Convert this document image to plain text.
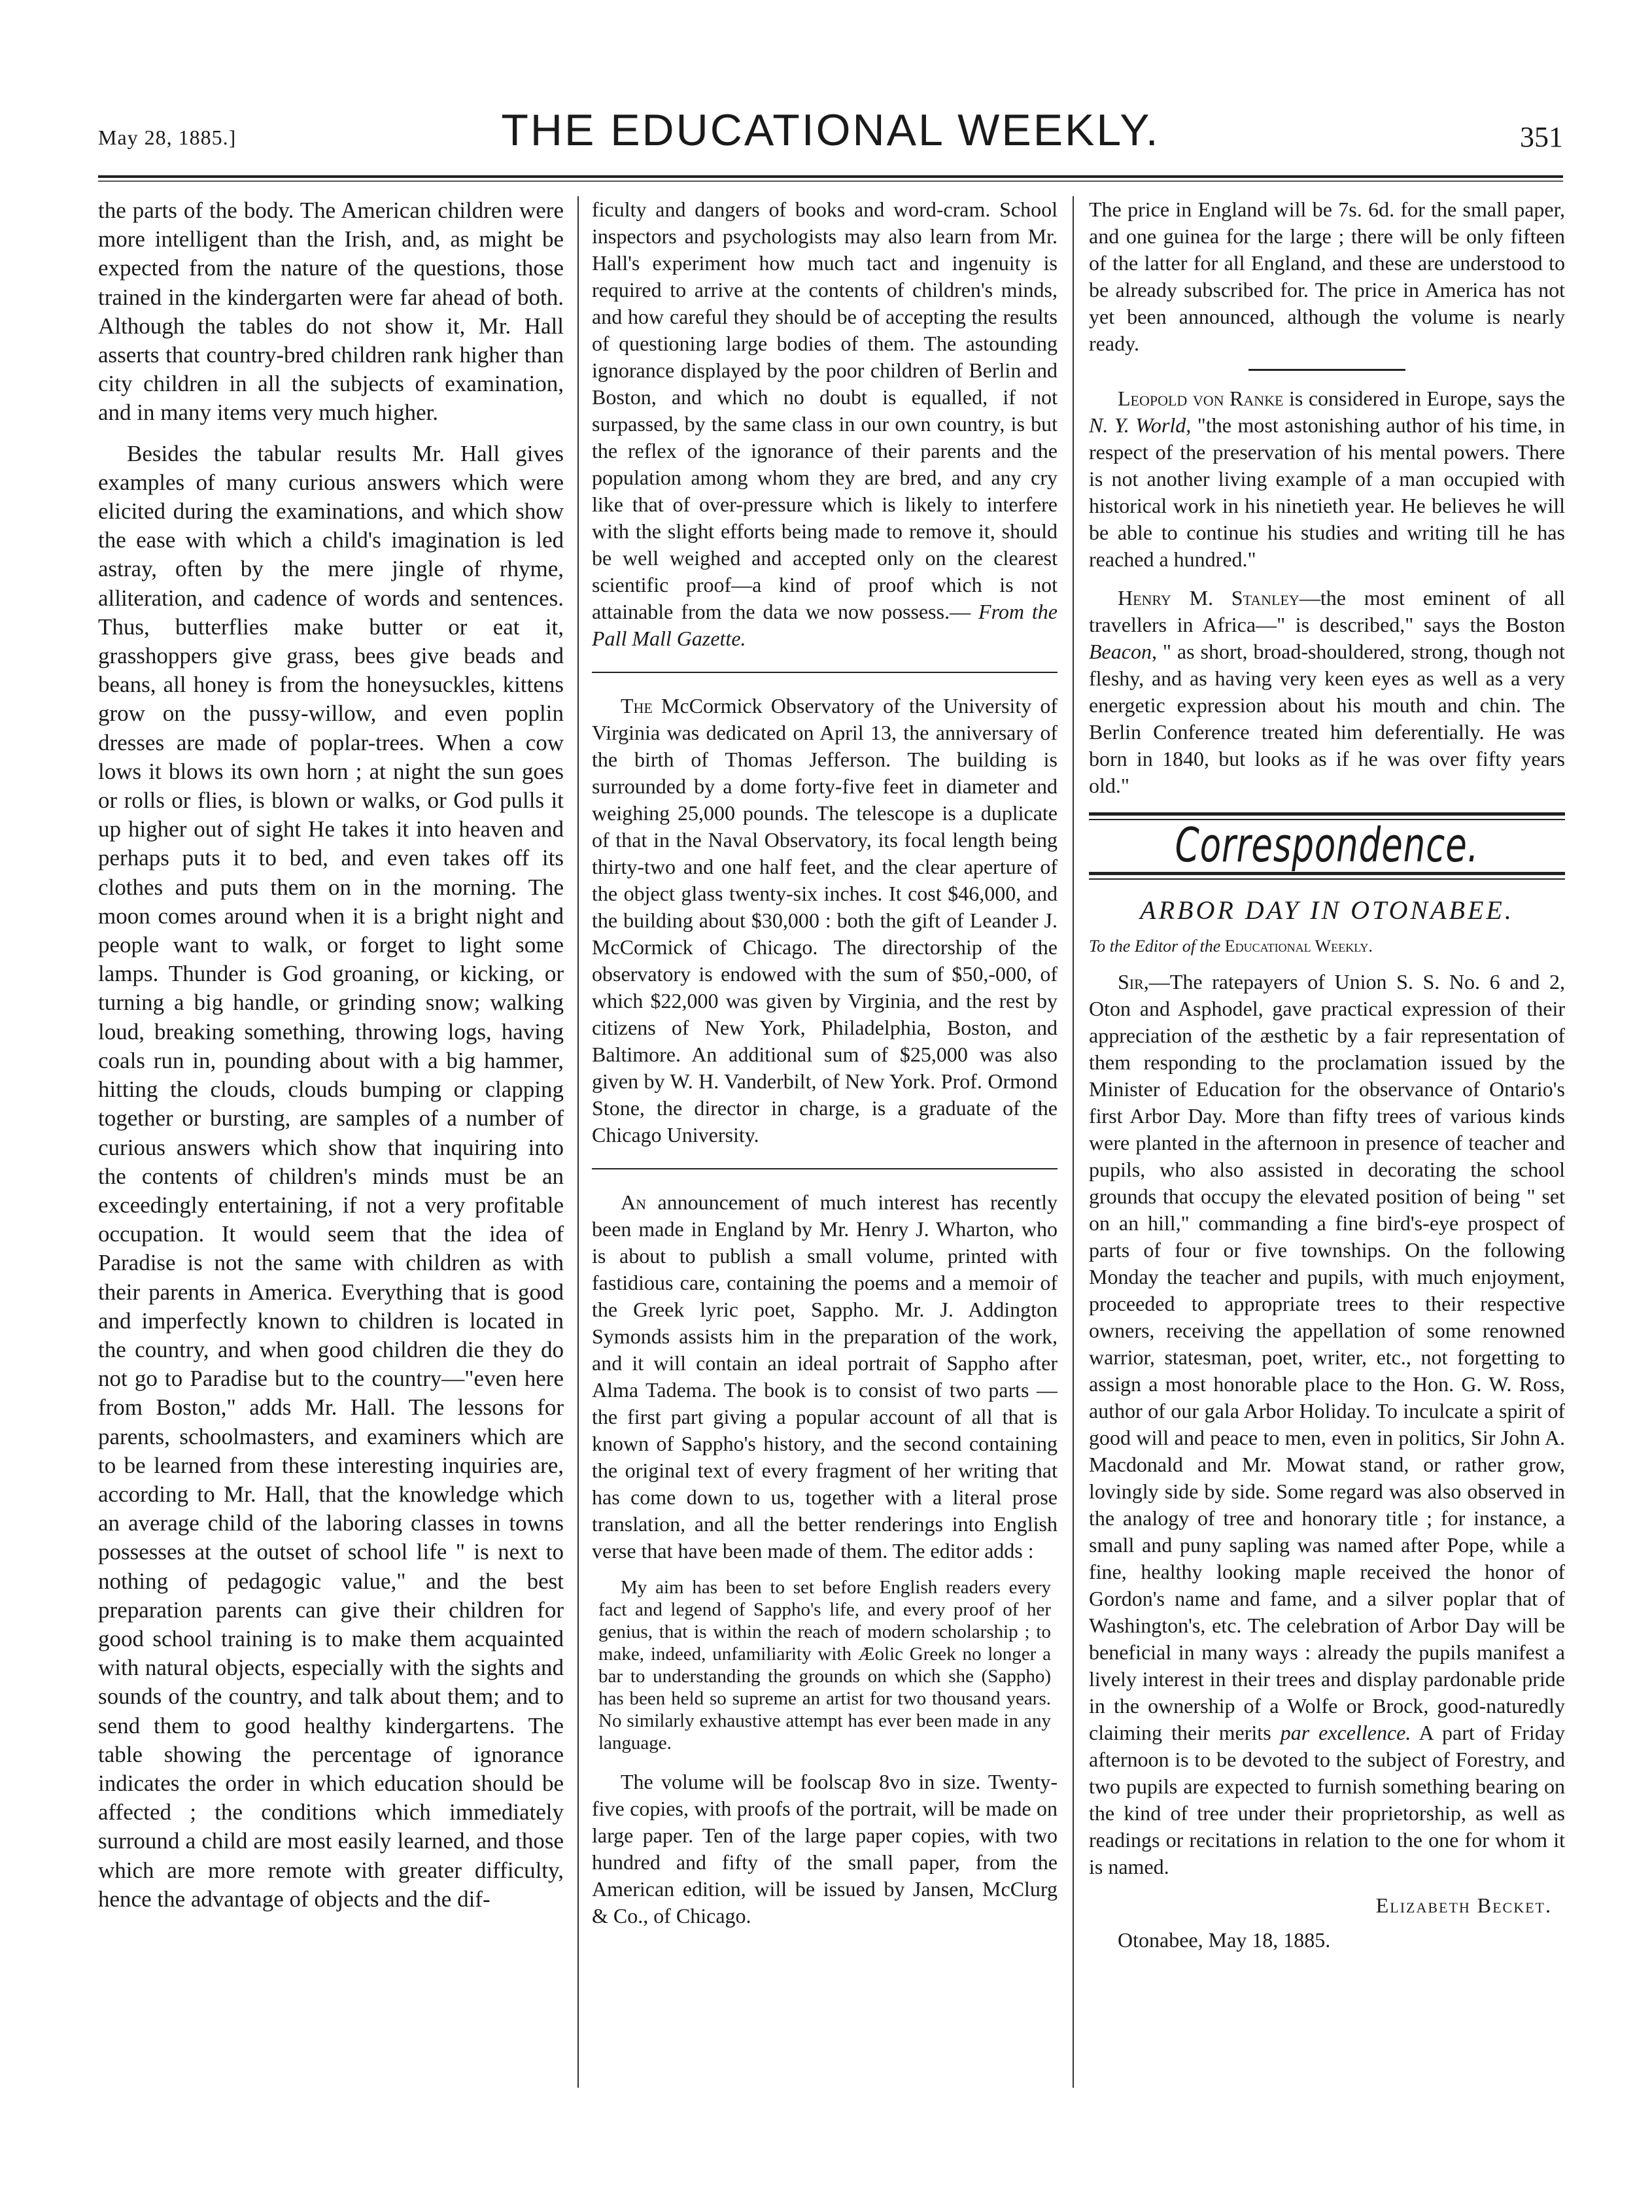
May 28, 1885.]	THE EDUCATIONAL WEEKLY.	351

the parts of the body. The American children were more intelligent than the Irish, and, as might be expected from the nature of the questions, those trained in the kindergarten were far ahead of both. Although the tables do not show it, Mr. Hall asserts that country-bred children rank higher than city children in all the subjects of examination, and in many items very much higher.

Besides the tabular results Mr. Hall gives examples of many curious answers which were elicited during the examinations, and which show the ease with which a child's imagination is led astray, often by the mere jingle of rhyme, alliteration, and cadence of words and sentences. Thus, butterflies make butter or eat it, grasshoppers give grass, bees give beads and beans, all honey is from the honeysuckles, kittens grow on the pussy-willow, and even poplin dresses are made of poplar-trees. When a cow lows it blows its own horn ; at night the sun goes or rolls or flies, is blown or walks, or God pulls it up higher out of sight He takes it into heaven and perhaps puts it to bed, and even takes off its clothes and puts them on in the morning. The moon comes around when it is a bright night and people want to walk, or forget to light some lamps. Thunder is God groaning, or kicking, or turning a big handle, or grinding snow; walking loud, breaking something, throwing logs, having coals run in, pounding about with a big hammer, hitting the clouds, clouds bumping or clapping together or bursting, are samples of a number of curious answers which show that inquiring into the contents of children's minds must be an exceedingly entertaining, if not a very profitable occupation. It would seem that the idea of Paradise is not the same with children as with their parents in America. Everything that is good and imperfectly known to children is located in the country, and when good children die they do not go to Paradise but to the country—"even here from Boston," adds Mr. Hall. The lessons for parents, schoolmasters, and examiners which are to be learned from these interesting inquiries are, according to Mr. Hall, that the knowledge which an average child of the laboring classes in towns possesses at the outset of school life " is next to nothing of pedagogic value," and the best preparation parents can give their children for good school training is to make them acquainted with natural objects, especially with the sights and sounds of the country, and talk about them; and to send them to good healthy kindergartens. The table showing the percentage of ignorance indicates the order in which education should be affected ; the conditions which immediately surround a child are most easily learned, and those which are more remote with greater difficulty, hence the advantage of objects and the dif-

ficulty and dangers of books and word-cram. School inspectors and psychologists may also learn from Mr. Hall's experiment how much tact and ingenuity is required to arrive at the contents of children's minds, and how careful they should be of accepting the results of questioning large bodies of them. The astounding ignorance displayed by the poor children of Berlin and Boston, and which no doubt is equalled, if not surpassed, by the same class in our own country, is but the reflex of the ignorance of their parents and the population among whom they are bred, and any cry like that of over-pressure which is likely to interfere with the slight efforts being made to remove it, should be well weighed and accepted only on the clearest scientific proof—a kind of proof which is not attainable from the data we now possess.— From the Pall Mall Gazette.

The McCormick Observatory of the University of Virginia was dedicated on April 13, the anniversary of the birth of Thomas Jefferson. The building is surrounded by a dome forty-five feet in diameter and weighing 25,000 pounds. The telescope is a duplicate of that in the Naval Observatory, its focal length being thirty-two and one half feet, and the clear aperture of the object glass twenty-six inches. It cost $46,000, and the building about $30,000 : both the gift of Leander J. McCormick of Chicago. The directorship of the observatory is endowed with the sum of $50,-000, of which $22,000 was given by Virginia, and the rest by citizens of New York, Philadelphia, Boston, and Baltimore. An additional sum of $25,000 was also given by W. H. Vanderbilt, of New York. Prof. Ormond Stone, the director in charge, is a graduate of the Chicago University.

An announcement of much interest has recently been made in England by Mr. Henry J. Wharton, who is about to publish a small volume, printed with fastidious care, containing the poems and a memoir of the Greek lyric poet, Sappho. Mr. J. Addington Symonds assists him in the preparation of the work, and it will contain an ideal portrait of Sappho after Alma Tadema. The book is to consist of two parts —the first part giving a popular account of all that is known of Sappho's history, and the second containing the original text of every fragment of her writing that has come down to us, together with a literal prose translation, and all the better renderings into English verse that have been made of them. The editor adds :

My aim has been to set before English readers every fact and legend of Sappho's life, and every proof of her genius, that is within the reach of modern scholarship ; to make, indeed, unfamiliarity with Æolic Greek no longer a bar to understanding the grounds on which she (Sappho) has been held so supreme an artist for two thousand years. No similarly exhaustive attempt has ever been made in any language.

The volume will be foolscap 8vo in size. Twenty-five copies, with proofs of the portrait, will be made on large paper. Ten of the large paper copies, with two hundred and fifty of the small paper, from the American edition, will be issued by Jansen, McClurg & Co., of Chicago.

The price in England will be 7s. 6d. for the small paper, and one guinea for the large ; there will be only fifteen of the latter for all England, and these are understood to be already subscribed for. The price in America has not yet been announced, although the volume is nearly ready.

Leopold von Ranke is considered in Europe, says the N. Y. World, "the most astonishing author of his time, in respect of the preservation of his mental powers. There is not another living example of a man occupied with historical work in his ninetieth year. He believes he will be able to continue his studies and writing till he has reached a hundred."

Henry M. Stanley—the most eminent of all travellers in Africa—" is described," says the Boston Beacon, " as short, broad-shouldered, strong, though not fleshy, and as having very keen eyes as well as a very energetic expression about his mouth and chin. The Berlin Conference treated him deferentially. He was born in 1840, but looks as if he was over fifty years old."

Correspondence.
ARBOR DAY IN OTONABEE.

To the Editor of the Educational Weekly.

Sir,—The ratepayers of Union S. S. No. 6 and 2, Oton and Asphodel, gave practical expression of their appreciation of the æsthetic by a fair representation of them responding to the proclamation issued by the Minister of Education for the observance of Ontario's first Arbor Day. More than fifty trees of various kinds were planted in the afternoon in presence of teacher and pupils, who also assisted in decorating the school grounds that occupy the elevated position of being " set on an hill," commanding a fine bird's-eye prospect of parts of four or five townships. On the following Monday the teacher and pupils, with much enjoyment, proceeded to appropriate trees to their respective owners, receiving the appellation of some renowned warrior, statesman, poet, writer, etc., not forgetting to assign a most honorable place to the Hon. G. W. Ross, author of our gala Arbor Holiday. To inculcate a spirit of good will and peace to men, even in politics, Sir John A. Macdonald and Mr. Mowat stand, or rather grow, lovingly side by side. Some regard was also observed in the analogy of tree and honorary title ; for instance, a small and puny sapling was named after Pope, while a fine, healthy looking maple received the honor of Gordon's name and fame, and a silver poplar that of Washington's, etc. The celebration of Arbor Day will be beneficial in many ways : already the pupils manifest a lively interest in their trees and display pardonable pride in the ownership of a Wolfe or Brock, good-naturedly claiming their merits par excellence. A part of Friday afternoon is to be devoted to the subject of Forestry, and two pupils are expected to furnish something bearing on the kind of tree under their proprietorship, as well as readings or recitations in relation to the one for whom it is named.

Elizabeth Becket.

Otonabee, May 18, 1885.
